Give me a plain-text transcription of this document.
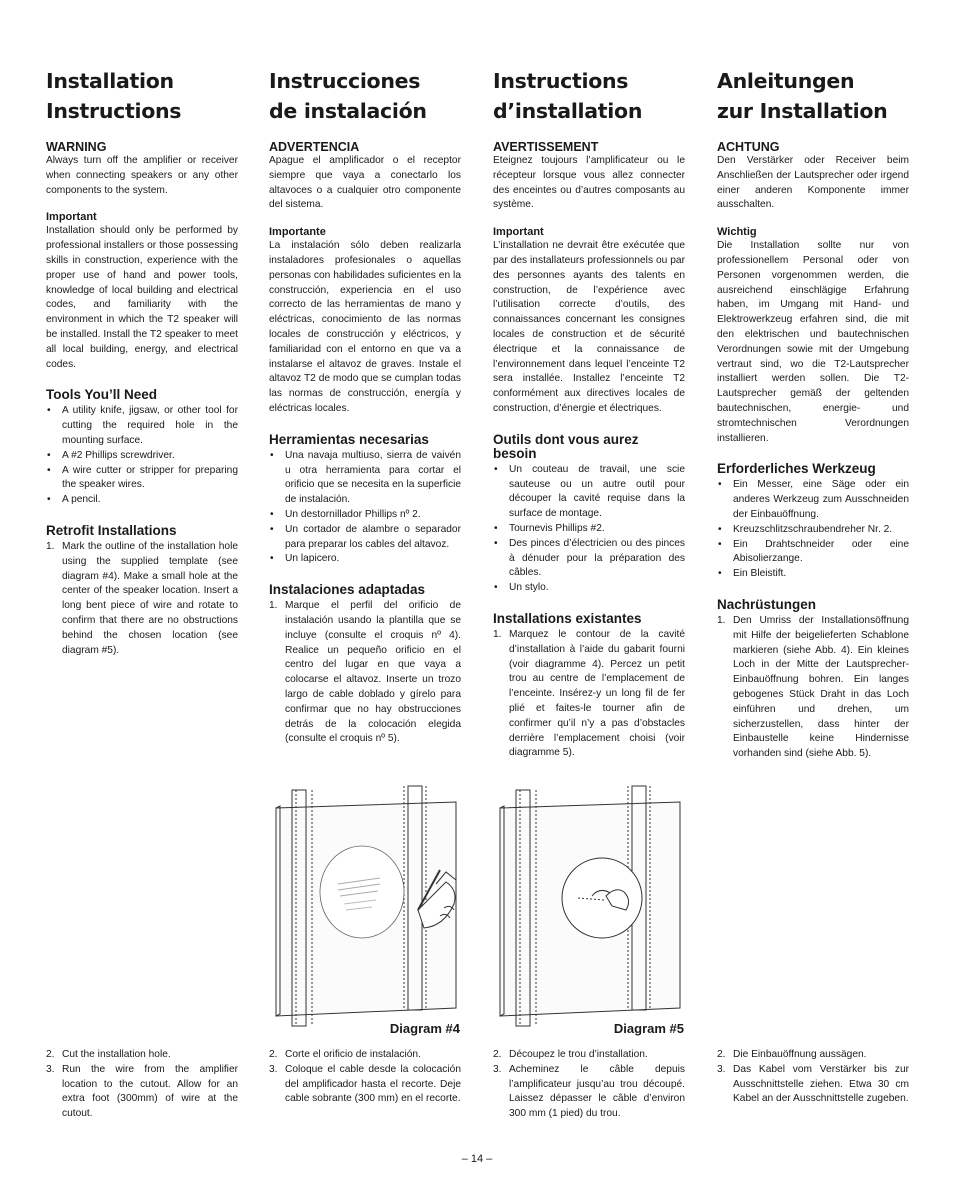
Installation
Instructions
WARNING

Always turn off the amplifier or receiver when connecting speakers or any other components to the system.

Important

Installation should only be performed by professional installers or those possessing skills in construction, experience with the proper use of hand and power tools, knowledge of local building and electrical codes, and familiarity with the environment in which the T2 speaker will be installed. Install the T2 speaker to meet all local building, energy, and electrical codes.

Tools You’ll Need
• A utility knife, jigsaw, or other tool for cutting the required hole in the mounting surface.
• A #2 Phillips screwdriver.
• A wire cutter or stripper for preparing the speaker wires.
• A pencil.
Retrofit Installations
1. Mark the outline of the installation hole using the supplied template (see diagram #4). Make a small hole at the center of the speaker location. Insert a long bent piece of wire and rotate to confirm that there are no obstructions behind the chosen location (see diagram #5).
Instrucciones
de instalación
ADVERTENCIA

Apague el amplificador o el receptor siempre que vaya a conectarlo los altavoces o a cualquier otro componente del sistema.

Importante

La instalación sólo deben realizarla instaladores profesionales o aquellas personas con habilidades suficientes en la construcción, experiencia en el uso correcto de las herramientas de mano y eléctricas, conocimiento de las normas locales de construcción y eléctricos, y familiaridad con el entorno en que va a instalarse el altavoz de graves. Instale el altavoz T2 de modo que se cumplan todas las normas de construcción, energía y eléctricas locales.

Herramientas necesarias
• Una navaja multiuso, sierra de vaivén u otra herramienta para cortar el orificio que se necesita en la superficie de instalación.
• Un destornillador Phillips nº 2.
• Un cortador de alambre o separador para preparar los cables del altavoz.
• Un lapicero.
Instalaciones adaptadas
1. Marque el perfil del orificio de instalación usando la plantilla que se incluye (consulte el croquis nº 4). Realice un pequeño orificio en el centro del lugar en que vaya a colocarse el altavoz. Inserte un trozo largo de cable doblado y gírelo para confirmar que no hay obstrucciones detrás de la colocación elegida (consulte el croquis nº 5).
Instructions
d’installation
AVERTISSEMENT

Eteignez toujours l’amplificateur ou le récepteur lorsque vous allez connecter des enceintes ou d’autres composants au système.

Important

L’installation ne devrait être exécutée que par des installateurs professionnels ou par des personnes ayants des talents en construction, de l’expérience avec l’utilisation correcte d’outils, des connaissances concernant les consignes locales de construction et de sécurité électrique et la connaissance de l’environnement dans lequel l’enceinte T2 sera installée. Installez l’enceinte T2 conformément aux directives locales de construction, d’énergie et électriques.

Outils dont vous aurez besoin
• Un couteau de travail, une scie sauteuse ou un autre outil pour découper la cavité requise dans la surface de montage.
• Tournevis Phillips #2.
• Des pinces d’électricien ou des pinces à dénuder pour la préparation des câbles.
• Un stylo.
Installations existantes
1. Marquez le contour de la cavité d’installation à l’aide du gabarit fourni (voir diagramme 4). Percez un petit trou au centre de l’emplacement de l’enceinte. Insérez-y un long fil de fer plié et faites-le tourner afin de confirmer qu’il n’y a pas d’obstacles derrière l’emplacement choisi (voir diagramme 5).
Anleitungen
zur Installation
ACHTUNG

Den Verstärker oder Receiver beim Anschließen der Lautsprecher oder irgend einer anderen Komponente immer ausschalten.

Wichtig

Die Installation sollte nur von professionellem Personal oder von Personen vorgenommen werden, die ausreichend einschlägige Erfahrung haben, im Umgang mit Hand- und Elektrowerkzeug erfahren sind, die mit den elektrischen und bautechnischen Verordnungen sowie mit der Umgebung vertraut sind, wo die T2-Lautsprecher installiert werden sollen. Die T2-Lautsprecher gemäß der geltenden bautechnischen, energie- und stromtechnischen Verordnungen installieren.

Erforderliches Werkzeug
• Ein Messer, eine Säge oder ein anderes Werkzeug zum Ausschneiden der Einbauöffnung.
• Kreuzschlitzschraubendreher Nr. 2.
• Ein Drahtschneider oder eine Abisolierzange.
• Ein Bleistift.
Nachrüstungen
1. Den Umriss der Installationsöffnung mit Hilfe der beigelieferten Schablone markieren (siehe Abb. 4). Ein kleines Loch in der Mitte der Lautsprecher-Einbauöffnung bohren. Ein langes gebogenes Stück Draht in das Loch einführen und drehen, um sicherzustellen, dass hinter der Einbaustelle keine Hindernisse vorhanden sind (siehe Abb. 5).
Diagram #4	Diagram #5
2. Cut the installation hole.
3. Run the wire from the amplifier location to the cutout. Allow for an extra foot (300mm) of wire at the cutout.
2. Corte el orificio de instalación.
3. Coloque el cable desde la colocación del amplificador hasta el recorte. Deje cable sobrante (300 mm) en el recorte.
2. Découpez le trou d’installation.
3. Acheminez le câble depuis l’amplificateur jusqu’au trou découpé. Laissez dépasser le câble d’environ 300 mm (1 pied) du trou.
2. Die Einbauöffnung aussägen.
3. Das Kabel vom Verstärker bis zur Ausschnittstelle ziehen. Etwa 30 cm Kabel an der Ausschnittstelle zugeben.
– 14 –
